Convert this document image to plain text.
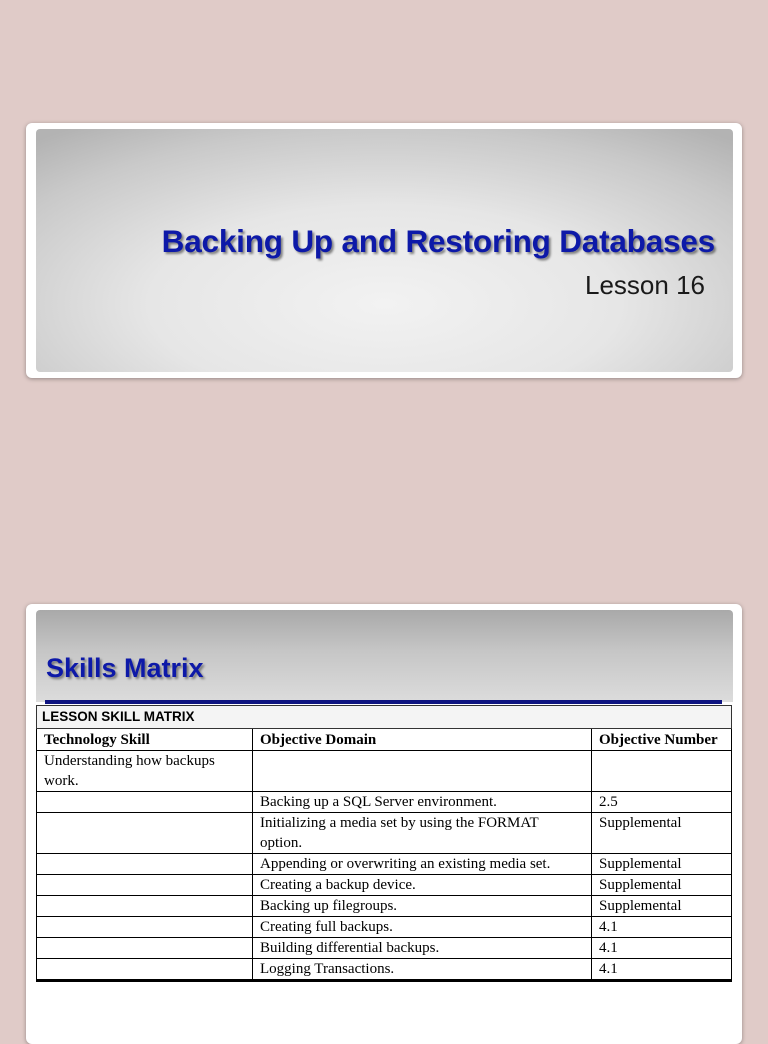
Backing Up and Restoring Databases
Lesson 16
Skills Matrix
LESSON SKILL MATRIX		
Technology Skill	Objective Domain	Objective Number
Understanding how backups work.		
	Backing up a SQL Server environment.	2.5
	Initializing a media set by using the FORMAT option.	Supplemental
	Appending or overwriting an existing media set.	Supplemental
	Creating a backup device.	Supplemental
	Backing up filegroups.	Supplemental
	Creating full backups.	4.1
	Building differential backups.	4.1
	Logging Transactions.	4.1
